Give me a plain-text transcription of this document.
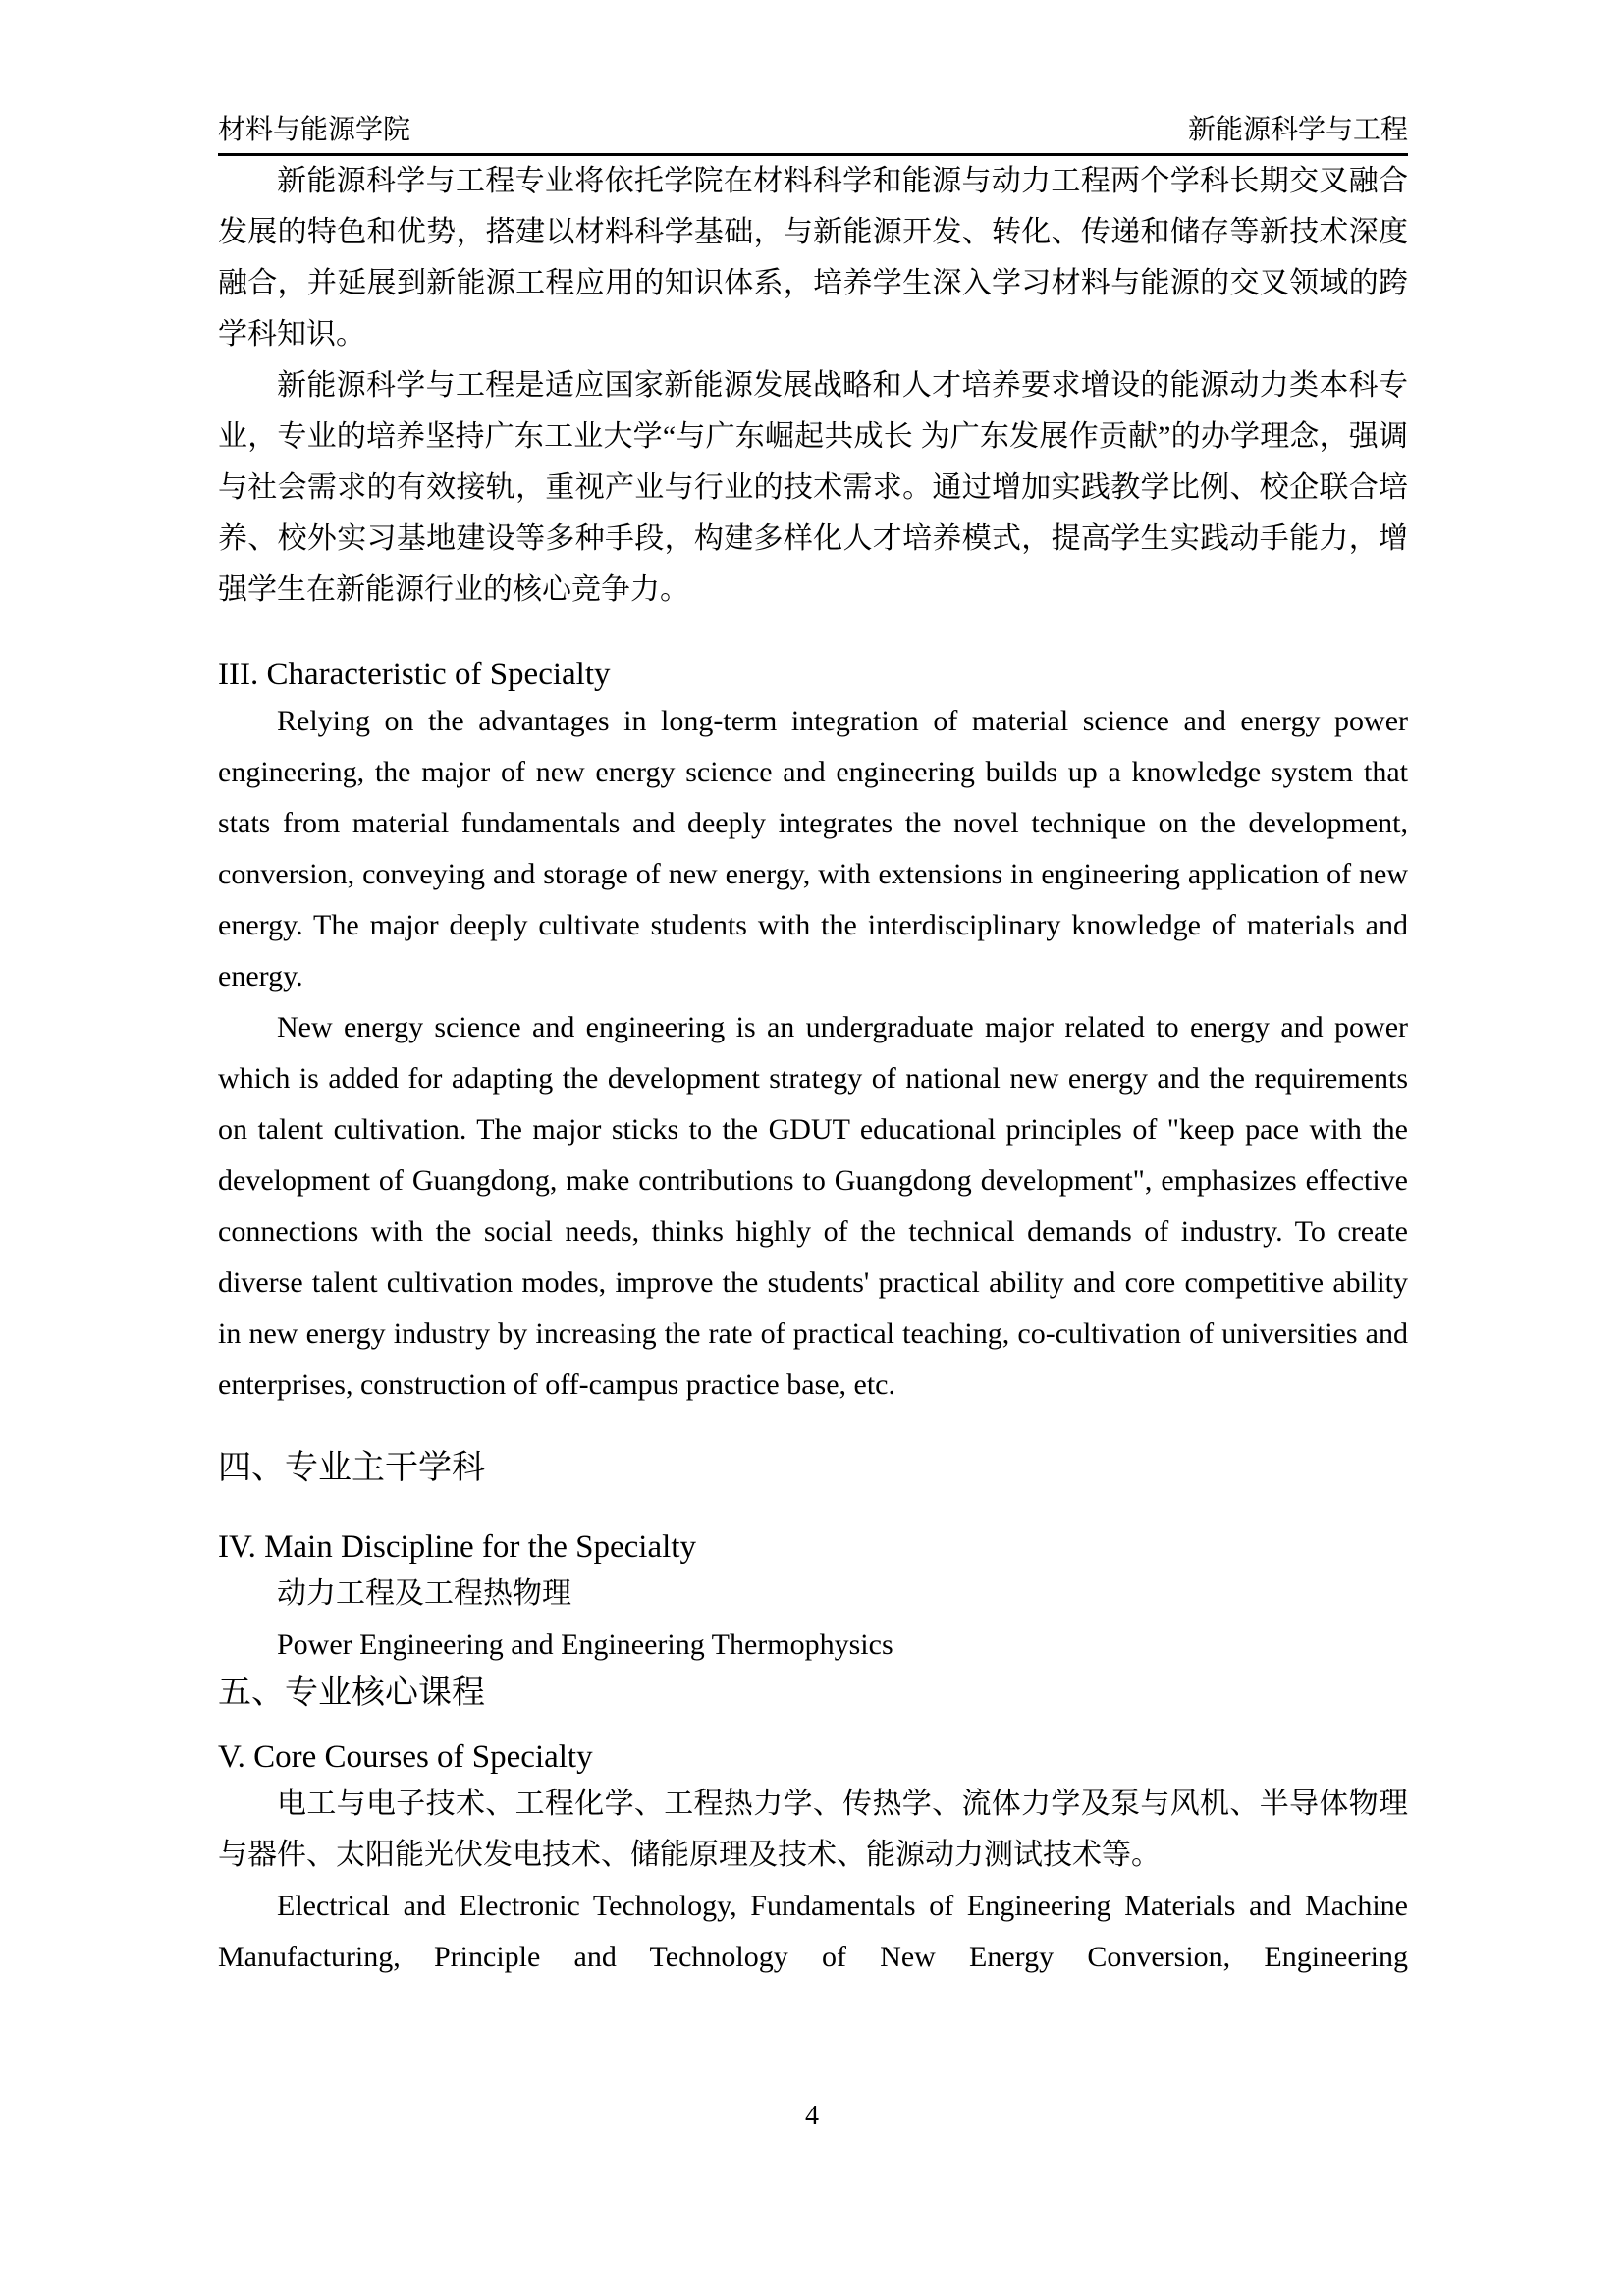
材料与能源学院	新能源科学与工程

新能源科学与工程专业将依托学院在材料科学和能源与动力工程两个学科长期交叉融合发展的特色和优势，搭建以材料科学基础，与新能源开发、转化、传递和储存等新技术深度融合，并延展到新能源工程应用的知识体系，培养学生深入学习材料与能源的交叉领域的跨学科知识。

新能源科学与工程是适应国家新能源发展战略和人才培养要求增设的能源动力类本科专业，专业的培养坚持广东工业大学“与广东崛起共成长 为广东发展作贡献”的办学理念，强调与社会需求的有效接轨，重视产业与行业的技术需求。通过增加实践教学比例、校企联合培养、校外实习基地建设等多种手段，构建多样化人才培养模式，提高学生实践动手能力，增强学生在新能源行业的核心竞争力。

III. Characteristic of Specialty

Relying on the advantages in long-term integration of material science and energy power engineering, the major of new energy science and engineering builds up a knowledge system that stats from material fundamentals and deeply integrates the novel technique on the development, conversion, conveying and storage of new energy, with extensions in engineering application of new energy. The major deeply cultivate students with the interdisciplinary knowledge of materials and energy.

New energy science and engineering is an undergraduate major related to energy and power which is added for adapting the development strategy of national new energy and the requirements on talent cultivation. The major sticks to the GDUT educational principles of "keep pace with the development of Guangdong, make contributions to Guangdong development", emphasizes effective connections with the social needs, thinks highly of the technical demands of industry. To create diverse talent cultivation modes, improve the students' practical ability and core competitive ability in new energy industry by increasing the rate of practical teaching, co-cultivation of universities and enterprises, construction of off-campus practice base, etc.

四、专业主干学科
IV. Main Discipline for the Specialty

动力工程及工程热物理

Power Engineering and Engineering Thermophysics

五、专业核心课程
V. Core Courses of Specialty

电工与电子技术、工程化学、工程热力学、传热学、流体力学及泵与风机、半导体物理与器件、太阳能光伏发电技术、储能原理及技术、能源动力测试技术等。

Electrical and Electronic Technology, Fundamentals of Engineering Materials and Machine Manufacturing, Principle and Technology of New Energy Conversion, Engineering

4
